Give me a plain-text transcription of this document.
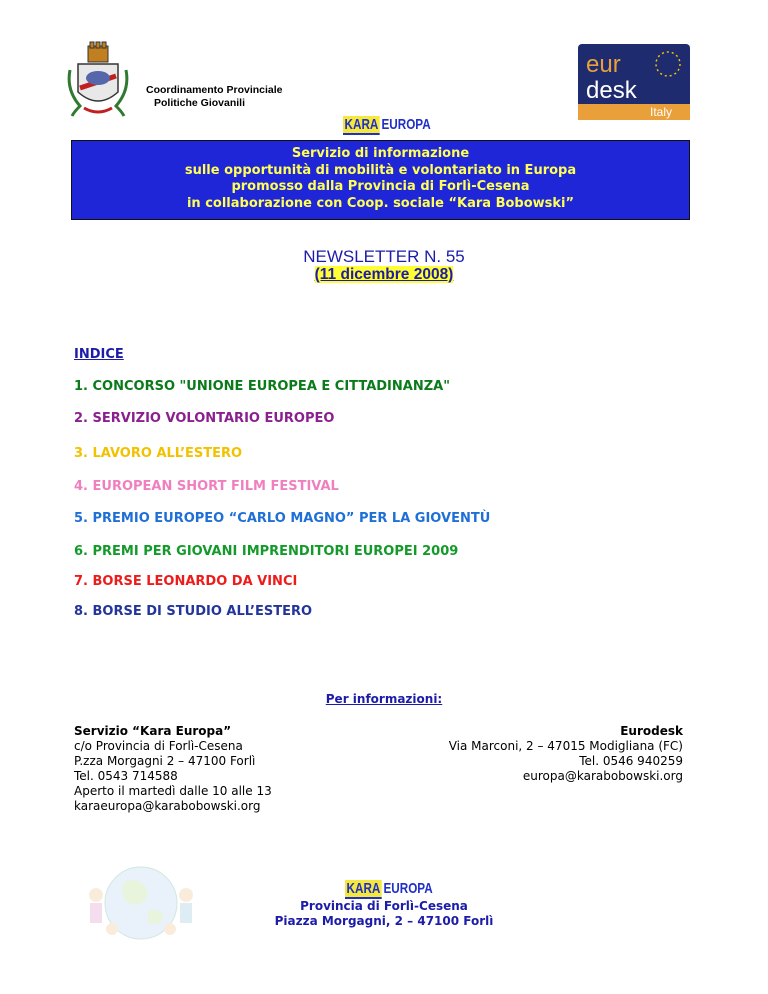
Coordinamento Provinciale
Politiche Giovanili
eur
desk
Italy
KARA EUROPA
Servizio di informazione
sulle opportunità di mobilità e volontariato in Europa
promosso dalla Provincia di Forlì-Cesena
in collaborazione con Coop. sociale “Kara Bobowski”
NEWSLETTER N. 55
(11 dicembre 2008)
INDICE
1. CONCORSO "UNIONE EUROPEA E CITTADINANZA"
2. SERVIZIO VOLONTARIO EUROPEO
3. LAVORO ALL’ESTERO
4. EUROPEAN SHORT FILM FESTIVAL
5. PREMIO EUROPEO “CARLO MAGNO” PER LA GIOVENTÙ
6. PREMI PER GIOVANI IMPRENDITORI EUROPEI 2009
7. BORSE LEONARDO DA VINCI
8. BORSE DI STUDIO ALL’ESTERO
Per informazioni:
Servizio “Kara Europa”
c/o Provincia di Forlì-Cesena
P.zza Morgagni 2 – 47100 Forlì
Tel. 0543 714588
Aperto il martedì dalle 10 alle 13
karaeuropa@karabobowski.org
Eurodesk
Via Marconi, 2 – 47015 Modigliana (FC)
Tel. 0546 940259
europa@karabobowski.org
KARA EUROPA
Provincia di Forlì-Cesena
Piazza Morgagni, 2 – 47100 Forlì
